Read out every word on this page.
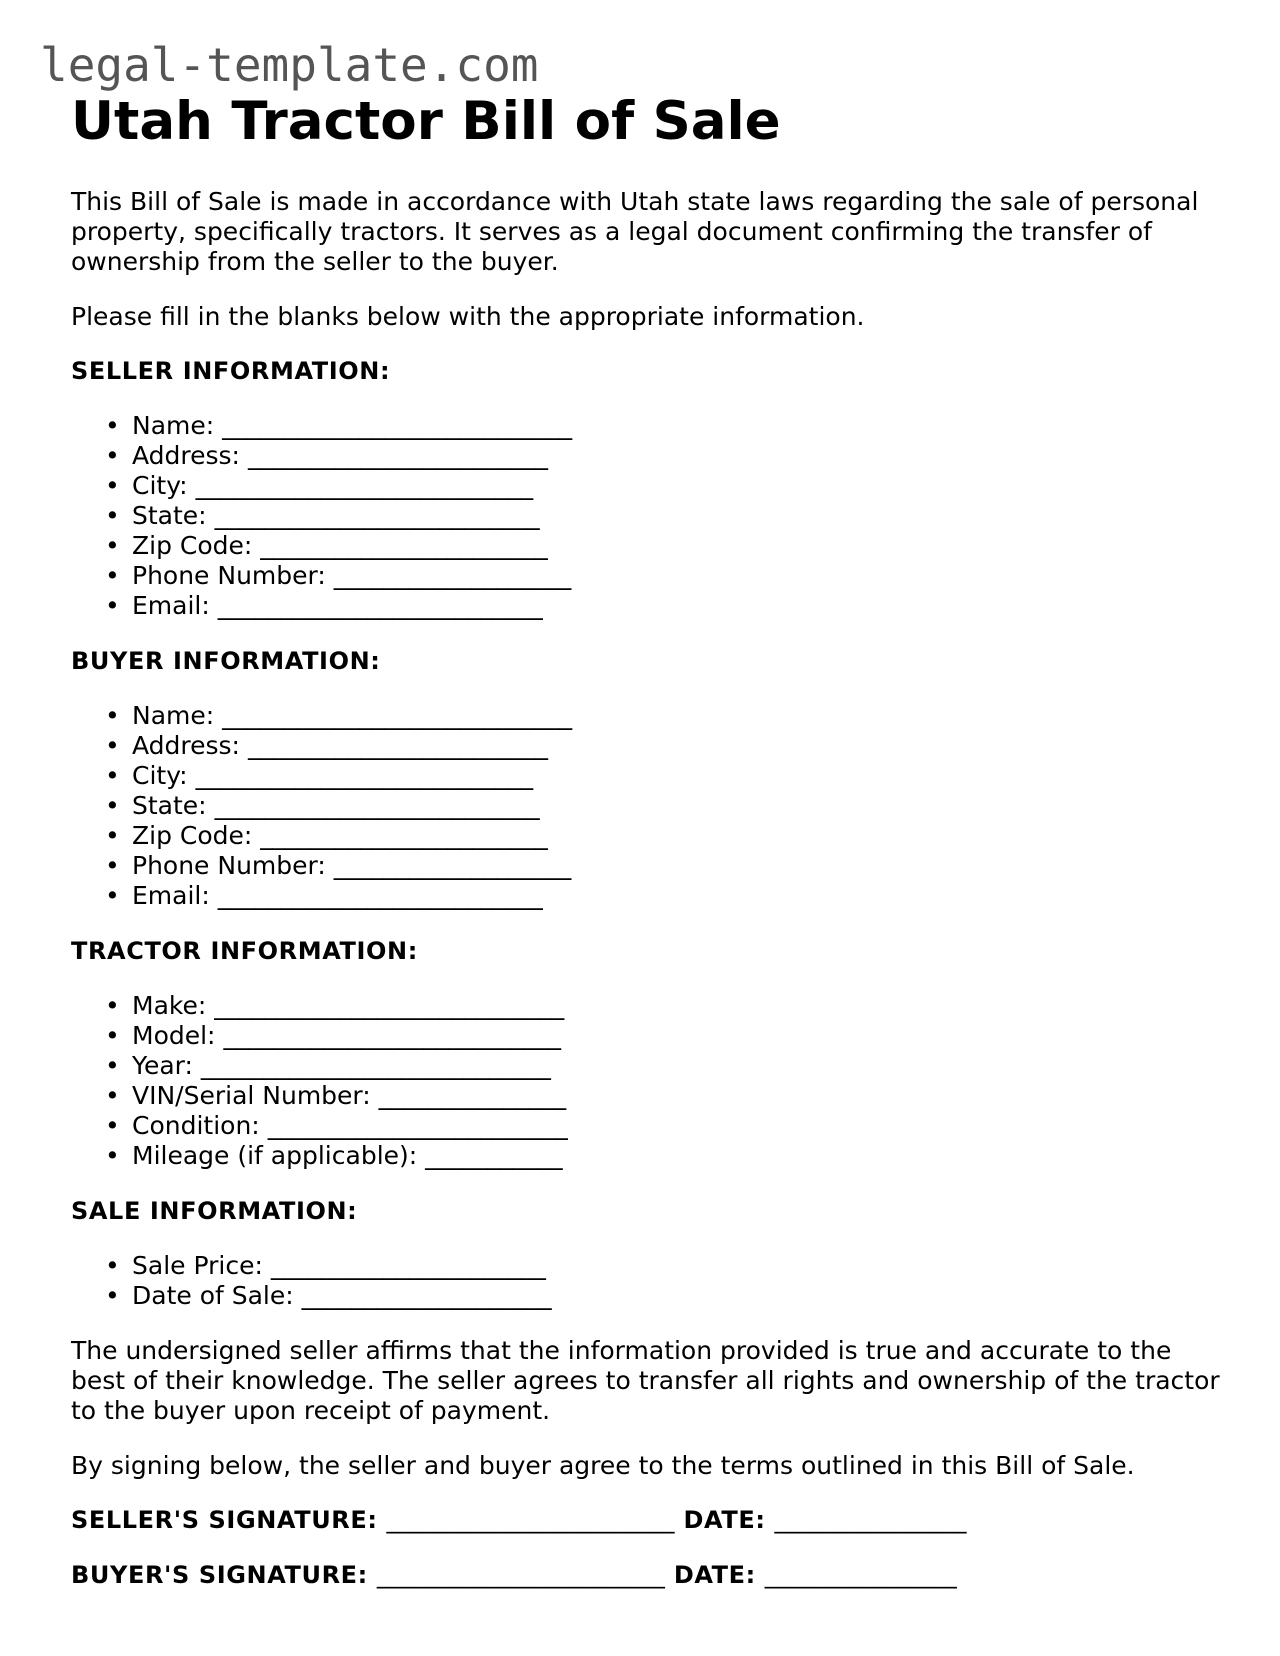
legal-template.com
Utah Tractor Bill of Sale

This Bill of Sale is made in accordance with Utah state laws regarding the sale of personal property, specifically tractors. It serves as a legal document confirming the transfer of ownership from the seller to the buyer.

Please fill in the blanks below with the appropriate information.

SELLER INFORMATION:
• Name: ____________________________
• Address: ________________________
• City: ___________________________
• State: __________________________
• Zip Code: _______________________
• Phone Number: ___________________
• Email: __________________________
BUYER INFORMATION:
• Name: ____________________________
• Address: ________________________
• City: ___________________________
• State: __________________________
• Zip Code: _______________________
• Phone Number: ___________________
• Email: __________________________
TRACTOR INFORMATION:
• Make: ____________________________
• Model: ___________________________
• Year: ____________________________
• VIN/Serial Number: _______________
• Condition: ________________________
• Mileage (if applicable): ___________
SALE INFORMATION:
• Sale Price: ______________________
• Date of Sale: ____________________

The undersigned seller affirms that the information provided is true and accurate to the best of their knowledge. The seller agrees to transfer all rights and ownership of the tractor to the buyer upon receipt of payment.

By signing below, the seller and buyer agree to the terms outlined in this Bill of Sale.

SELLER'S SIGNATURE: ________________________ DATE: ________________
BUYER'S SIGNATURE: ________________________ DATE: ________________
